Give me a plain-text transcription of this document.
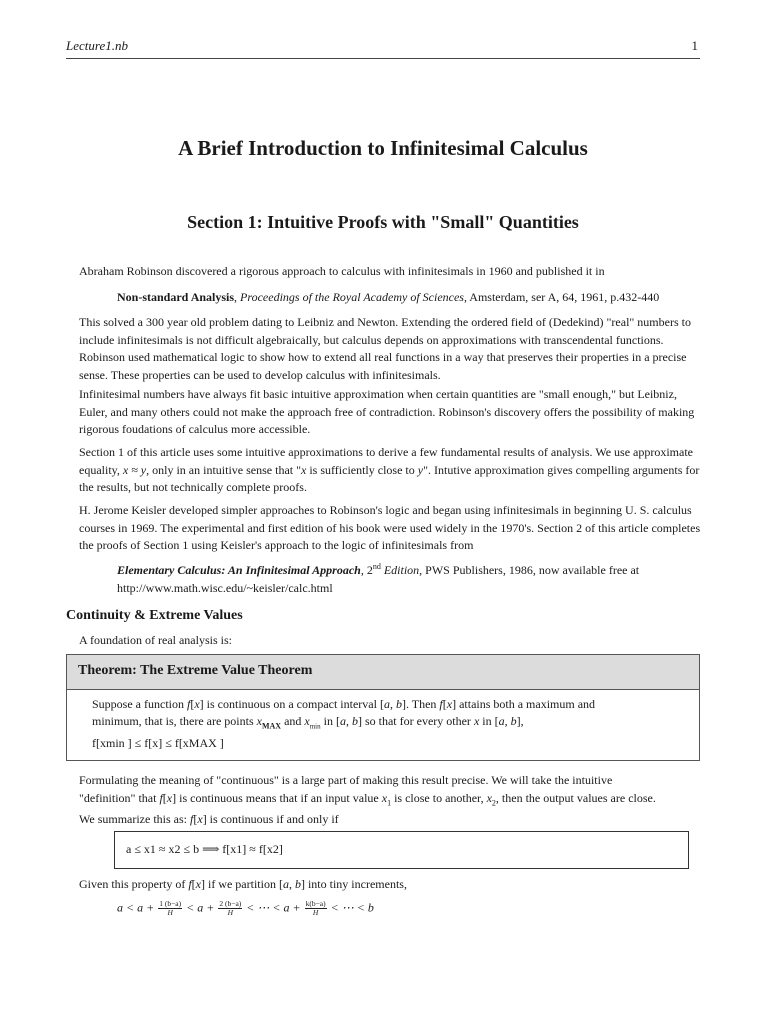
Lecture1.nb	1
A Brief Introduction to Infinitesimal Calculus
Section 1: Intuitive Proofs with "Small" Quantities

Abraham Robinson discovered a rigorous approach to calculus with infinitesimals in 1960 and published it in

Non-standard Analysis, Proceedings of the Royal Academy of Sciences, Amsterdam, ser A, 64, 1961, p.432-440

This solved a 300 year old problem dating to Leibniz and Newton. Extending the ordered field of (Dedekind) "real" numbers to include infinitesimals is not difficult algebraically, but calculus depends on approximations with transcendental functions. Robinson used mathematical logic to show how to extend all real functions in a way that preserves their properties in a precise sense. These properties can be used to develop calculus with infinitesimals.

Infinitesimal numbers have always fit basic intuitive approximation when certain quantities are "small enough," but Leibniz, Euler, and many others could not make the approach free of contradiction. Robinson's discovery offers the possibility of making rigorous foudations of calculus more accessible.

Section 1 of this article uses some intuitive approximations to derive a few fundamental results of analysis. We use approximate equality, x ≈ y, only in an intuitive sense that "x is sufficiently close to y". Intutive approximation gives compelling arguments for the results, but not technically complete proofs.

H. Jerome Keisler developed simpler approaches to Robinson's logic and began using infinitesimals in beginning U. S. calculus courses in 1969. The experimental and first edition of his book were used widely in the 1970's. Section 2 of this article completes the proofs of Section 1 using Keisler's approach to the logic of infinitesimals from

Elementary Calculus: An Infinitesimal Approach, 2nd Edition, PWS Publishers, 1986, now available free at
http://www.math.wisc.edu/~keisler/calc.html

Continuity & Extreme Values

A foundation of real analysis is:

Theorem: The Extreme Value Theorem
Suppose a function f[x] is continuous on a compact interval [a, b]. Then f[x] attains both a maximum and
minimum, that is, there are points $x_{MAX}$ and $x_{min}$ in [a, b] so that for every other x in [a, b],
f[xmin ] ≤ f[x] ≤ f[xMAX ]

Formulating the meaning of "continuous" is a large part of making this result precise. We will take the intuitive
"definition" that f[x] is continuous means that if an input value $x_1$ is close to another, $x_2$, then the output values are close.
We summarize this as: f[x] is continuous if and only if

a ≤ x1 ≈ x2 ≤ b ⟹ f[x1] ≈ f[x2]

Given this property of f[x] if we partition [a, b] into tiny increments,

$a < a + \frac{1 (b-a)}{H} < a + \frac{2 (b-a)}{H}$ < ⋯ < $a + \frac{k(b-a)}{H}$ < ⋯ < b
